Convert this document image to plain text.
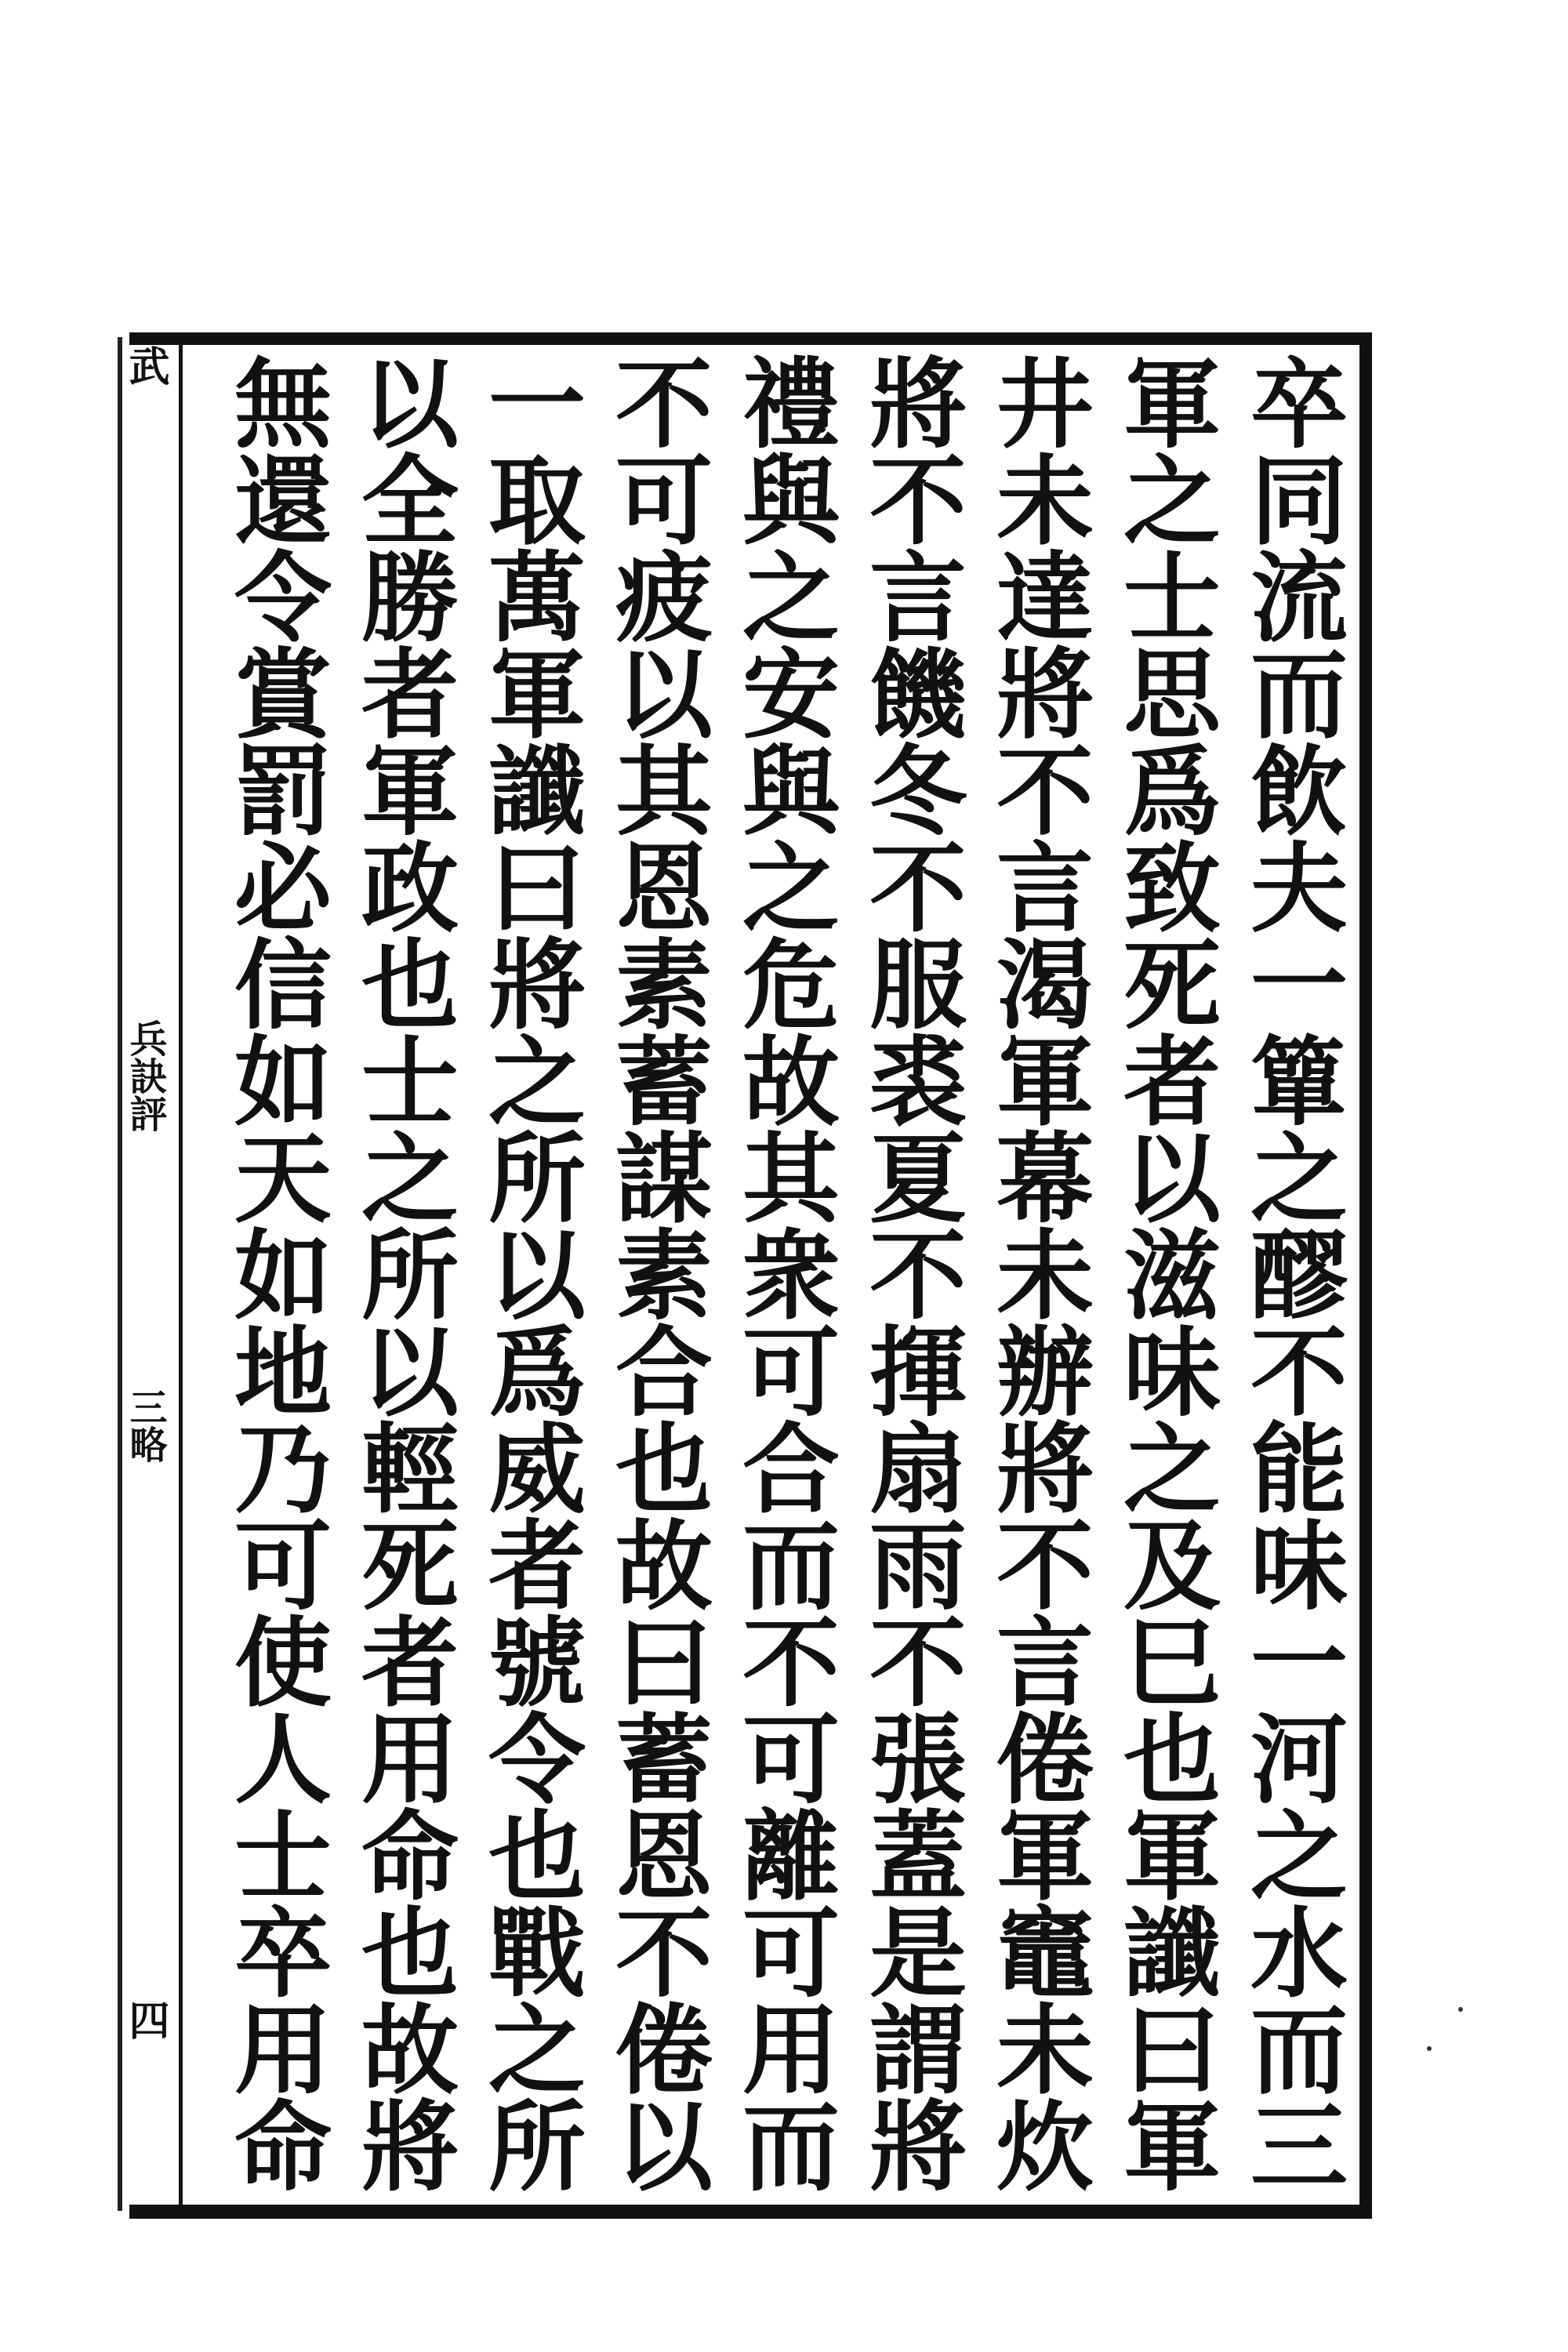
卒同流而飲夫一簞之醪不能味一河之水而三
軍之士思爲致死者以滋味之及巳也軍讖曰軍
井未達將不言渴軍幕未辦將不言倦軍竈未炊
將不言饑冬不服裘夏不揮扇雨不張蓋是謂將
禮與之安與之危故其衆可合而不可離可用而
不可疲以其恩素蓄謀素合也故曰蓄恩不倦以
一取萬軍讖曰將之所以爲威者號令也戰之所
以全勝者軍政也士之所以輕死者用命也故將
無還令賞罰必信如天如地乃可使人士卒用命
武
兵訣評
三略
四
